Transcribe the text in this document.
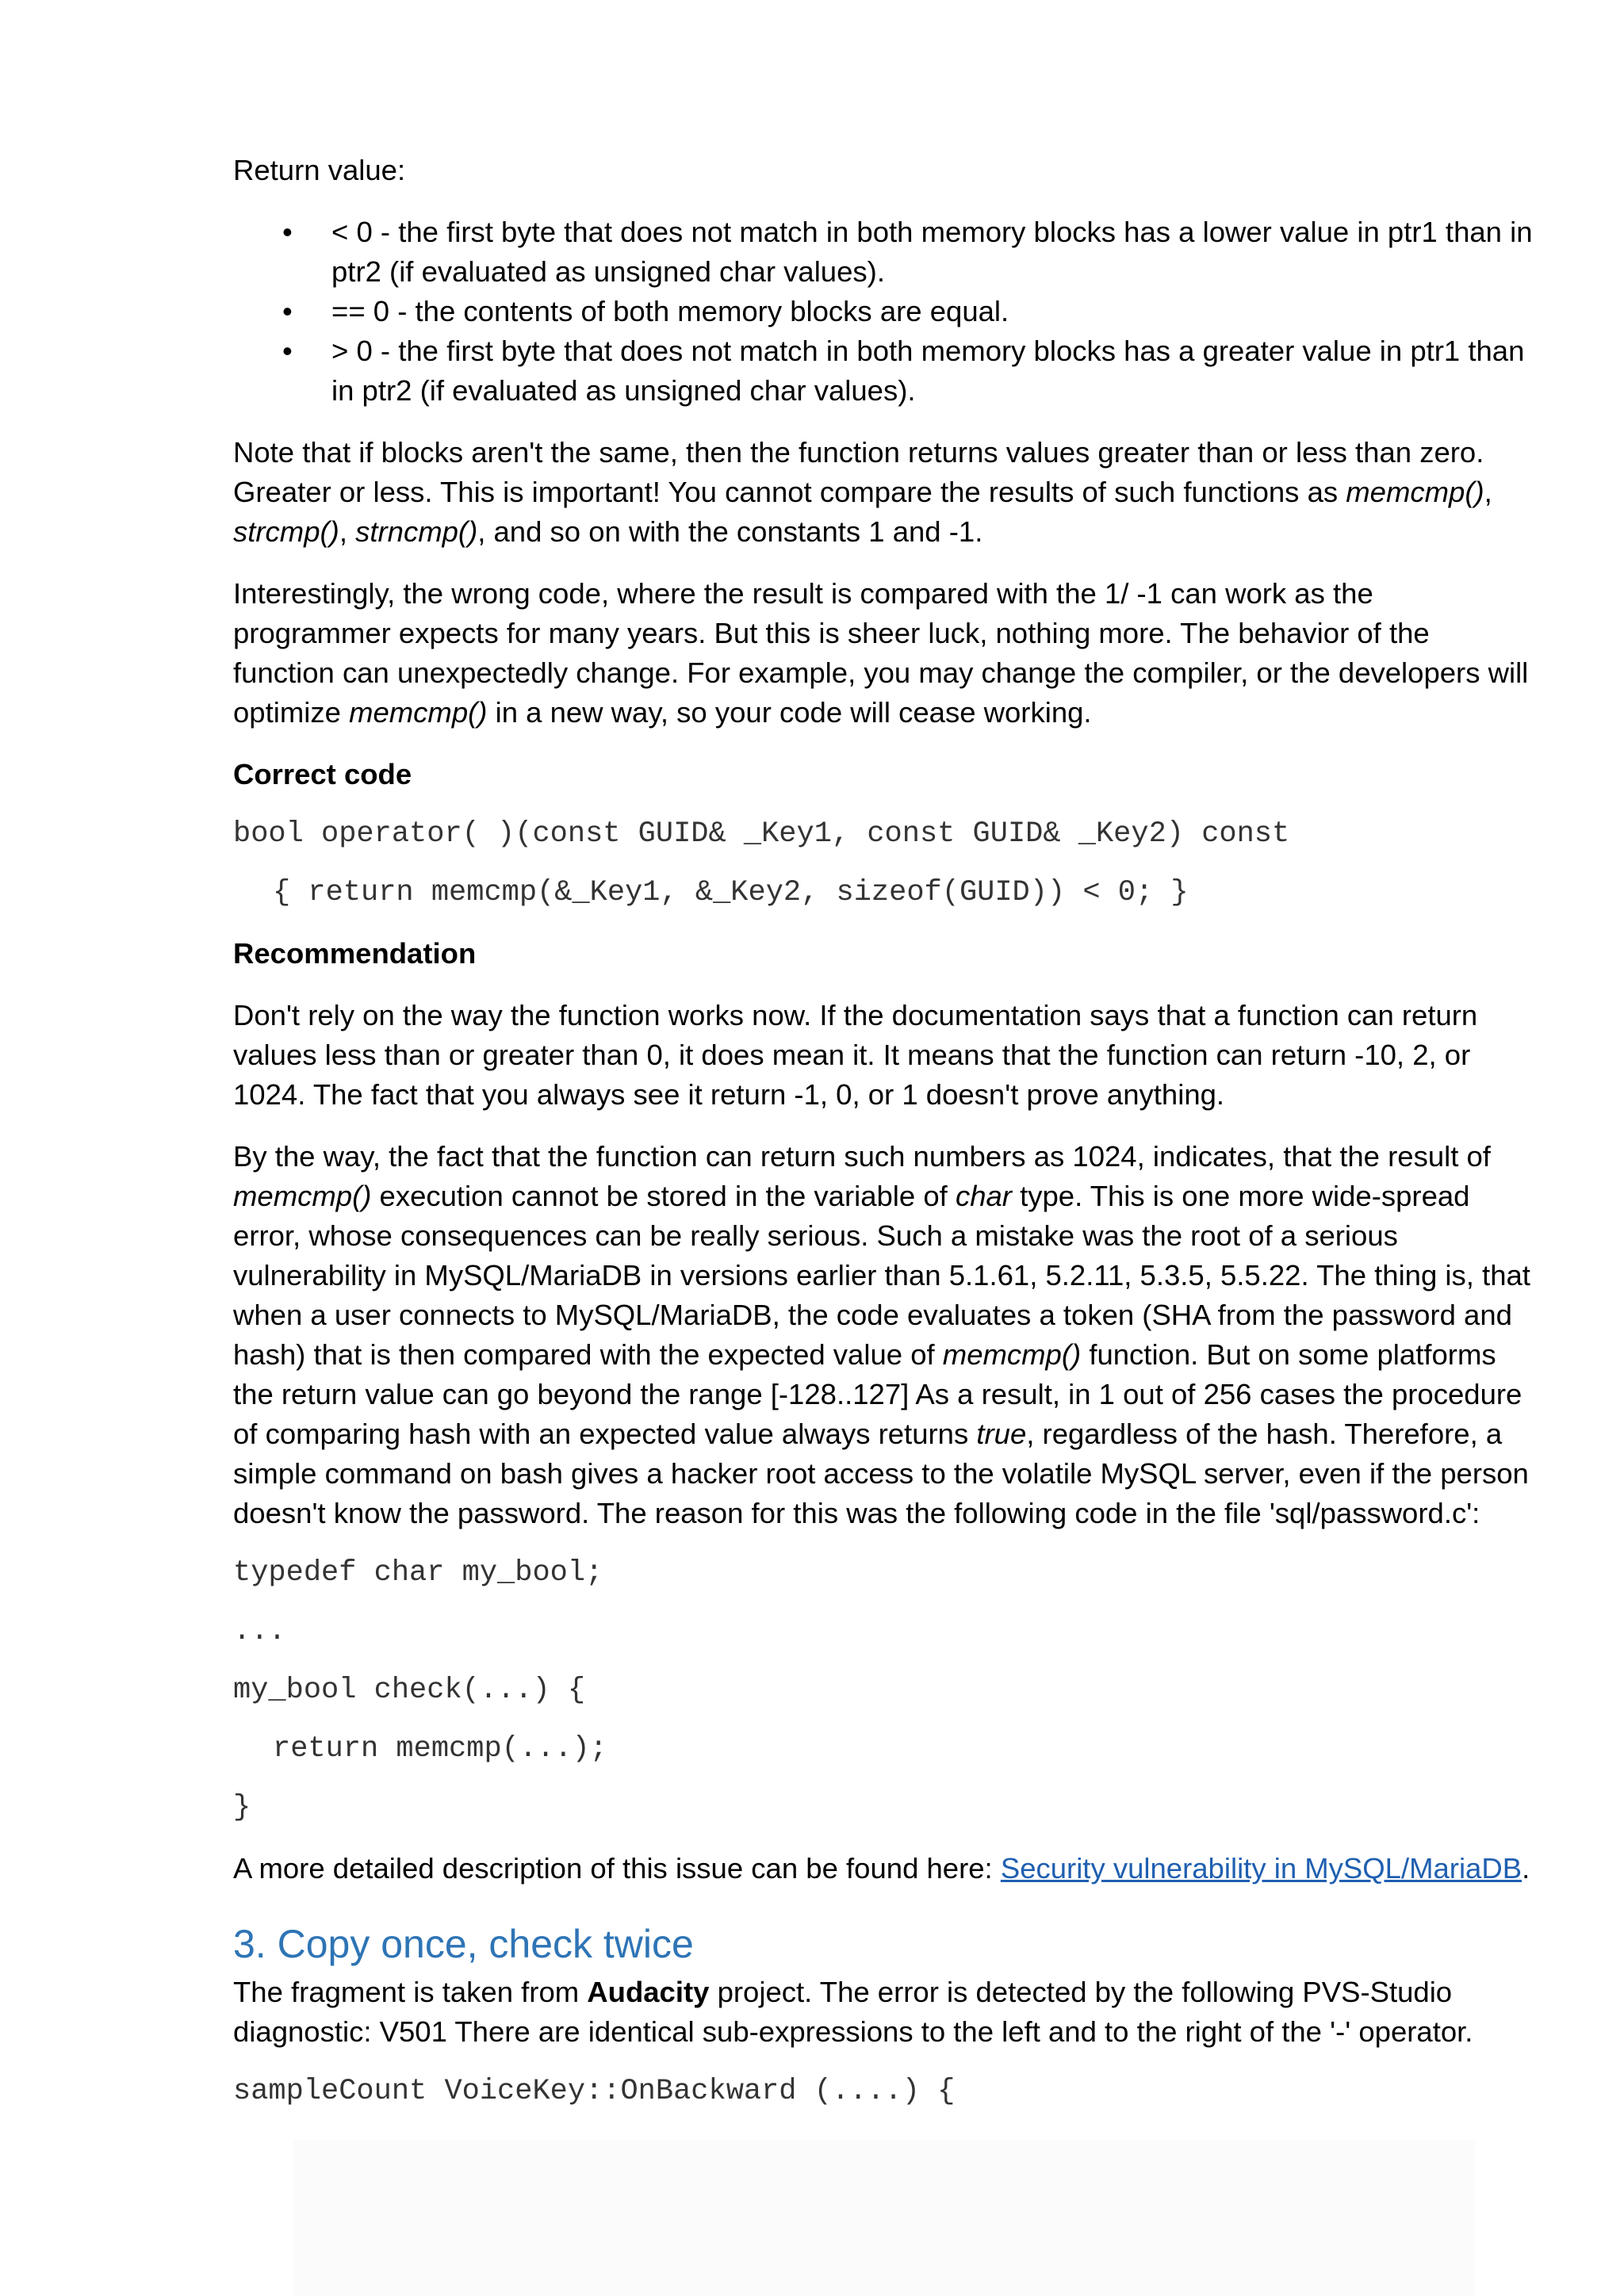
Return value:

• < 0 - the first byte that does not match in both memory blocks has a lower value in ptr1 than in ptr2 (if evaluated as unsigned char values).
• == 0 - the contents of both memory blocks are equal.
• > 0 - the first byte that does not match in both memory blocks has a greater value in ptr1 than in ptr2 (if evaluated as unsigned char values).

Note that if blocks aren't the same, then the function returns values greater than or less than zero. Greater or less. This is important! You cannot compare the results of such functions as memcmp(), strcmp(), strncmp(), and so on with the constants 1 and -1.

Interestingly, the wrong code, where the result is compared with the 1/ -1 can work as the programmer expects for many years. But this is sheer luck, nothing more. The behavior of the function can unexpectedly change. For example, you may change the compiler, or the developers will optimize memcmp() in a new way, so your code will cease working.

Correct code

bool operator( )(const GUID& _Key1, const GUID& _Key2) const
{ return memcmp(&_Key1, &_Key2, sizeof(GUID)) < 0; }

Recommendation

Don't rely on the way the function works now. If the documentation says that a function can return values less than or greater than 0, it does mean it. It means that the function can return -10, 2, or 1024. The fact that you always see it return -1, 0, or 1 doesn't prove anything.

By the way, the fact that the function can return such numbers as 1024, indicates, that the result of memcmp() execution cannot be stored in the variable of char type. This is one more wide-spread error, whose consequences can be really serious. Such a mistake was the root of a serious vulnerability in MySQL/MariaDB in versions earlier than 5.1.61, 5.2.11, 5.3.5, 5.5.22. The thing is, that when a user connects to MySQL/MariaDB, the code evaluates a token (SHA from the password and hash) that is then compared with the expected value of memcmp() function. But on some platforms the return value can go beyond the range [-128..127] As a result, in 1 out of 256 cases the procedure of comparing hash with an expected value always returns true, regardless of the hash. Therefore, a simple command on bash gives a hacker root access to the volatile MySQL server, even if the person doesn't know the password. The reason for this was the following code in the file 'sql/password.c':

typedef char my_bool;
...
my_bool check(...) {
return memcmp(...);
}

A more detailed description of this issue can be found here: Security vulnerability in MySQL/MariaDB.

3. Copy once, check twice

The fragment is taken from Audacity project. The error is detected by the following PVS-Studio diagnostic: V501 There are identical sub-expressions to the left and to the right of the '-' operator.

sampleCount VoiceKey::OnBackward (....) {
